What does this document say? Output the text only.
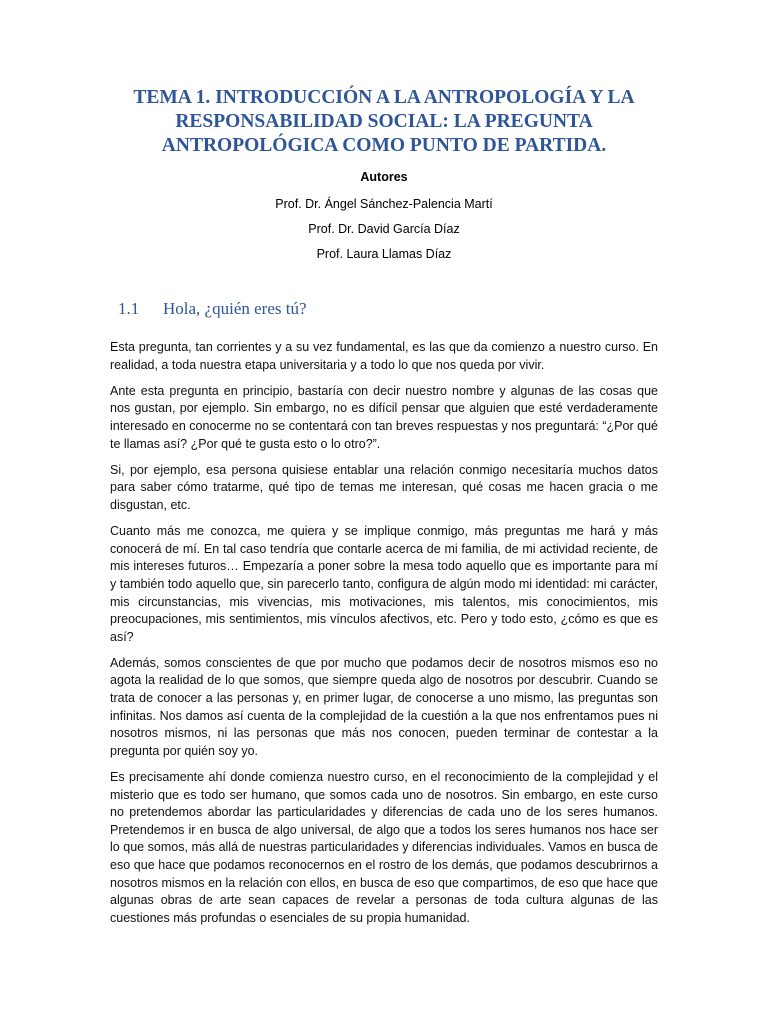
TEMA 1. INTRODUCCIÓN A LA ANTROPOLOGÍA Y LA RESPONSABILIDAD SOCIAL: LA PREGUNTA ANTROPOLÓGICA COMO PUNTO DE PARTIDA.
Autores
Prof. Dr. Ángel Sánchez-Palencia Martí
Prof. Dr. David García Díaz
Prof. Laura Llamas Díaz
1.1 Hola, ¿quién eres tú?

Esta pregunta, tan corrientes y a su vez fundamental, es las que da comienzo a nuestro curso. En realidad, a toda nuestra etapa universitaria y a todo lo que nos queda por vivir.

Ante esta pregunta en principio, bastaría con decir nuestro nombre y algunas de las cosas que nos gustan, por ejemplo. Sin embargo, no es difícil pensar que alguien que esté verdaderamente interesado en conocerme no se contentará con tan breves respuestas y nos preguntará: “¿Por qué te llamas así? ¿Por qué te gusta esto o lo otro?”.

Si, por ejemplo, esa persona quisiese entablar una relación conmigo necesitaría muchos datos para saber cómo tratarme, qué tipo de temas me interesan, qué cosas me hacen gracia o me disgustan, etc.

Cuanto más me conozca, me quiera y se implique conmigo, más preguntas me hará y más conocerá de mí. En tal caso tendría que contarle acerca de mi familia, de mi actividad reciente, de mis intereses futuros… Empezaría a poner sobre la mesa todo aquello que es importante para mí y también todo aquello que, sin parecerlo tanto, configura de algún modo mi identidad: mi carácter, mis circunstancias, mis vivencias, mis motivaciones, mis talentos, mis conocimientos, mis preocupaciones, mis sentimientos, mis vínculos afectivos, etc. Pero y todo esto, ¿cómo es que es así?

Además, somos conscientes de que por mucho que podamos decir de nosotros mismos eso no agota la realidad de lo que somos, que siempre queda algo de nosotros por descubrir. Cuando se trata de conocer a las personas y, en primer lugar, de conocerse a uno mismo, las preguntas son infinitas. Nos damos así cuenta de la complejidad de la cuestión a la que nos enfrentamos pues ni nosotros mismos, ni las personas que más nos conocen, pueden terminar de contestar a la pregunta por quién soy yo.

Es precisamente ahí donde comienza nuestro curso, en el reconocimiento de la complejidad y el misterio que es todo ser humano, que somos cada uno de nosotros. Sin embargo, en este curso no pretendemos abordar las particularidades y diferencias de cada uno de los seres humanos. Pretendemos ir en busca de algo universal, de algo que a todos los seres humanos nos hace ser lo que somos, más allá de nuestras particularidades y diferencias individuales. Vamos en busca de eso que hace que podamos reconocernos en el rostro de los demás, que podamos descubrirnos a nosotros mismos en la relación con ellos, en busca de eso que compartimos, de eso que hace que algunas obras de arte sean capaces de revelar a personas de toda cultura algunas de las cuestiones más profundas o esenciales de su propia humanidad.
